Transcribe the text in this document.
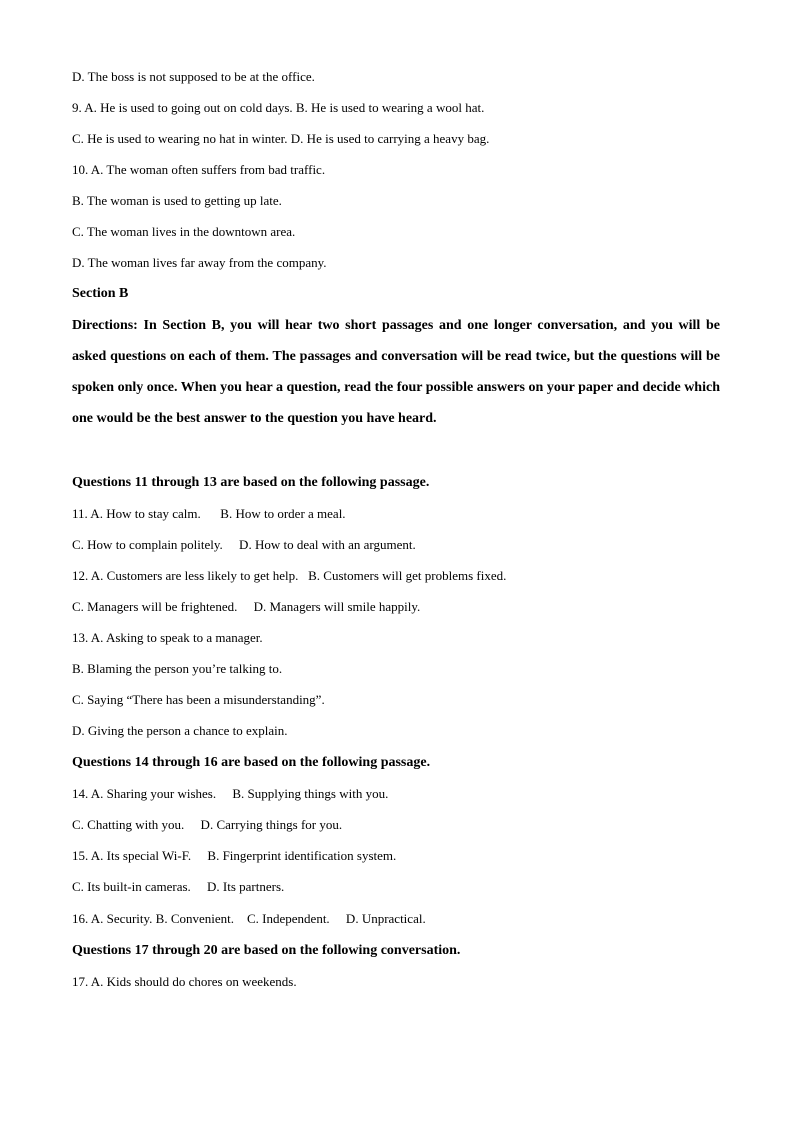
D. The boss is not supposed to be at the office.
9. A. He is used to going out on cold days. B. He is used to wearing a wool hat.
C. He is used to wearing no hat in winter. D. He is used to carrying a heavy bag.
10. A. The woman often suffers from bad traffic.
B. The woman is used to getting up late.
C. The woman lives in the downtown area.
D. The woman lives far away from the company.
Section B
Directions: In Section B, you will hear two short passages and one longer conversation, and you will be asked questions on each of them. The passages and conversation will be read twice, but the questions will be spoken only once. When you hear a question, read the four possible answers on your paper and decide which one would be the best answer to the question you have heard.
Questions 11 through 13 are based on the following passage.
11. A. How to stay calm.      B. How to order a meal.
C. How to complain politely.     D. How to deal with an argument.
12. A. Customers are less likely to get help.   B. Customers will get problems fixed.
C. Managers will be frightened.     D. Managers will smile happily.
13. A. Asking to speak to a manager.
B. Blaming the person you’re talking to.
C. Saying “There has been a misunderstanding”.
D. Giving the person a chance to explain.
Questions 14 through 16 are based on the following passage.
14. A. Sharing your wishes.     B. Supplying things with you.
C. Chatting with you.     D. Carrying things for you.
15. A. Its special Wi-F.     B. Fingerprint identification system.
C. Its built-in cameras.     D. Its partners.
16. A. Security. B. Convenient.    C. Independent.     D. Unpractical.
Questions 17 through 20 are based on the following conversation.
17. A. Kids should do chores on weekends.
